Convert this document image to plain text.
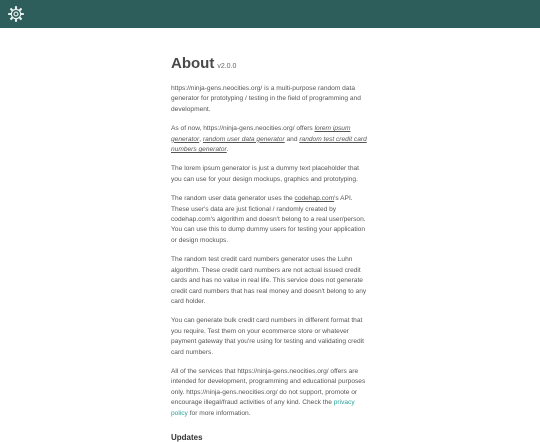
About v2.0.0

https://ninja-gens.neocities.org/ is a multi-purpose random data generator for prototyping / testing in the field of programming and development.

As of now, https://ninja-gens.neocities.org/ offers lorem ipsum generator, random user data generator and random test credit card numbers generator.

The lorem ipsum generator is just a dummy text placeholder that you can use for your design mockups, graphics and prototyping.

The random user data generator uses the codehap.com's API. These user's data are just fictional / randomly created by codehap.com's algorithm and doesn't belong to a real user/person. You can use this to dump dummy users for testing your application or design mockups.

The random test credit card numbers generator uses the Luhn algorithm. These credit card numbers are not actual issued credit cards and has no value in real life. This service does not generate credit card numbers that has real money and doesn't belong to any card holder.

You can generate bulk credit card numbers in different format that you require. Test them on your ecommerce store or whatever payment gateway that you're using for testing and validating credit card numbers.

All of the services that https://ninja-gens.neocities.org/ offers are intended for development, programming and educational purposes only. https://ninja-gens.neocities.org/ do not support, promote or encourage illegal/fraud activities of any kind. Check the privacy policy for more information.

Updates
